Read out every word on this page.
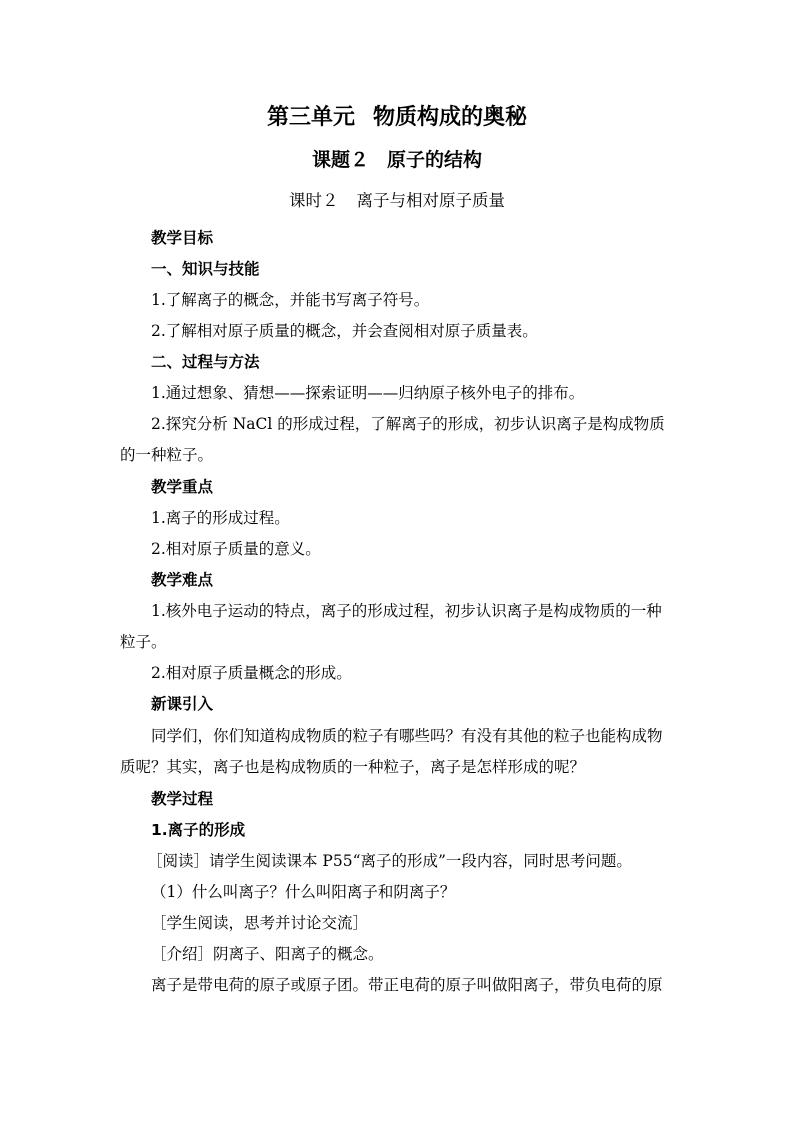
第三单元 物质构成的奥秘
课题２ 原子的结构
课时２ 离子与相对原子质量
教学目标
一、知识与技能
1.了解离子的概念，并能书写离子符号。
2.了解相对原子质量的概念，并会查阅相对原子质量表。
二、过程与方法
1.通过想象、猜想——探索证明——归纳原子核外电子的排布。
2.探究分析 NaCl 的形成过程，了解离子的形成，初步认识离子是构成物质
的一种粒子。
教学重点
1.离子的形成过程。
2.相对原子质量的意义。
教学难点
1.核外电子运动的特点，离子的形成过程，初步认识离子是构成物质的一种
粒子。
2.相对原子质量概念的形成。
新课引入
同学们，你们知道构成物质的粒子有哪些吗？有没有其他的粒子也能构成物
质呢？其实，离子也是构成物质的一种粒子，离子是怎样形成的呢？
教学过程
1.离子的形成
［阅读］请学生阅读课本 P55“离子的形成”一段内容，同时思考问题。
（1）什么叫离子？什么叫阳离子和阴离子？
［学生阅读，思考并讨论交流］
［介绍］阴离子、阳离子的概念。
离子是带电荷的原子或原子团。带正电荷的原子叫做阳离子，带负电荷的原
